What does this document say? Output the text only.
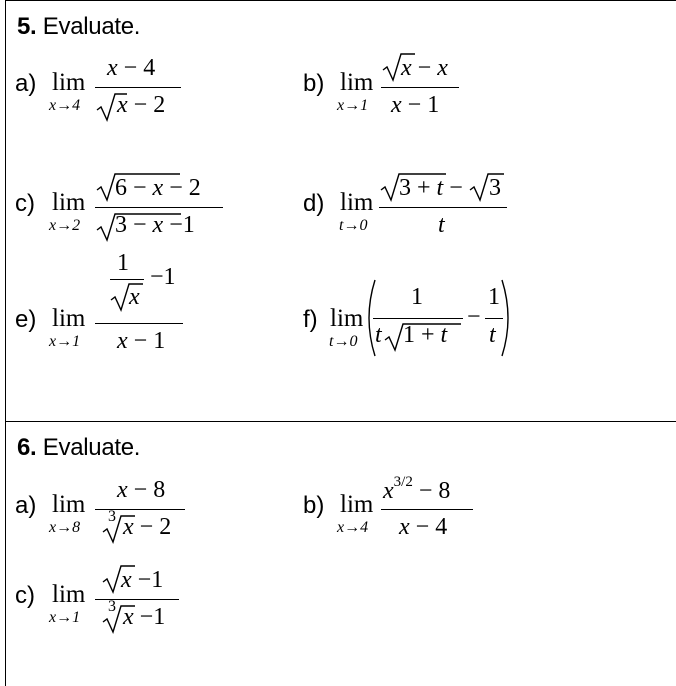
5. Evaluate.
a) lim
x→4
x − 4
x − 2
b) lim
x→1
x − x
x − 1
c) lim
x→2
6 − x − 2
3 − x −1
d) lim
t→0
3 + t − 3
t
e) lim
x→1
1
x
−1
x − 1
f) lim
t→0
1
t 1 + t
−
1
t
6. Evaluate.
a) lim
x→8
x − 8
3 x − 2
b) lim
x→4
$x^{3/2} - 8$
x − 4
c) lim
x→1
x −1
3 x −1
